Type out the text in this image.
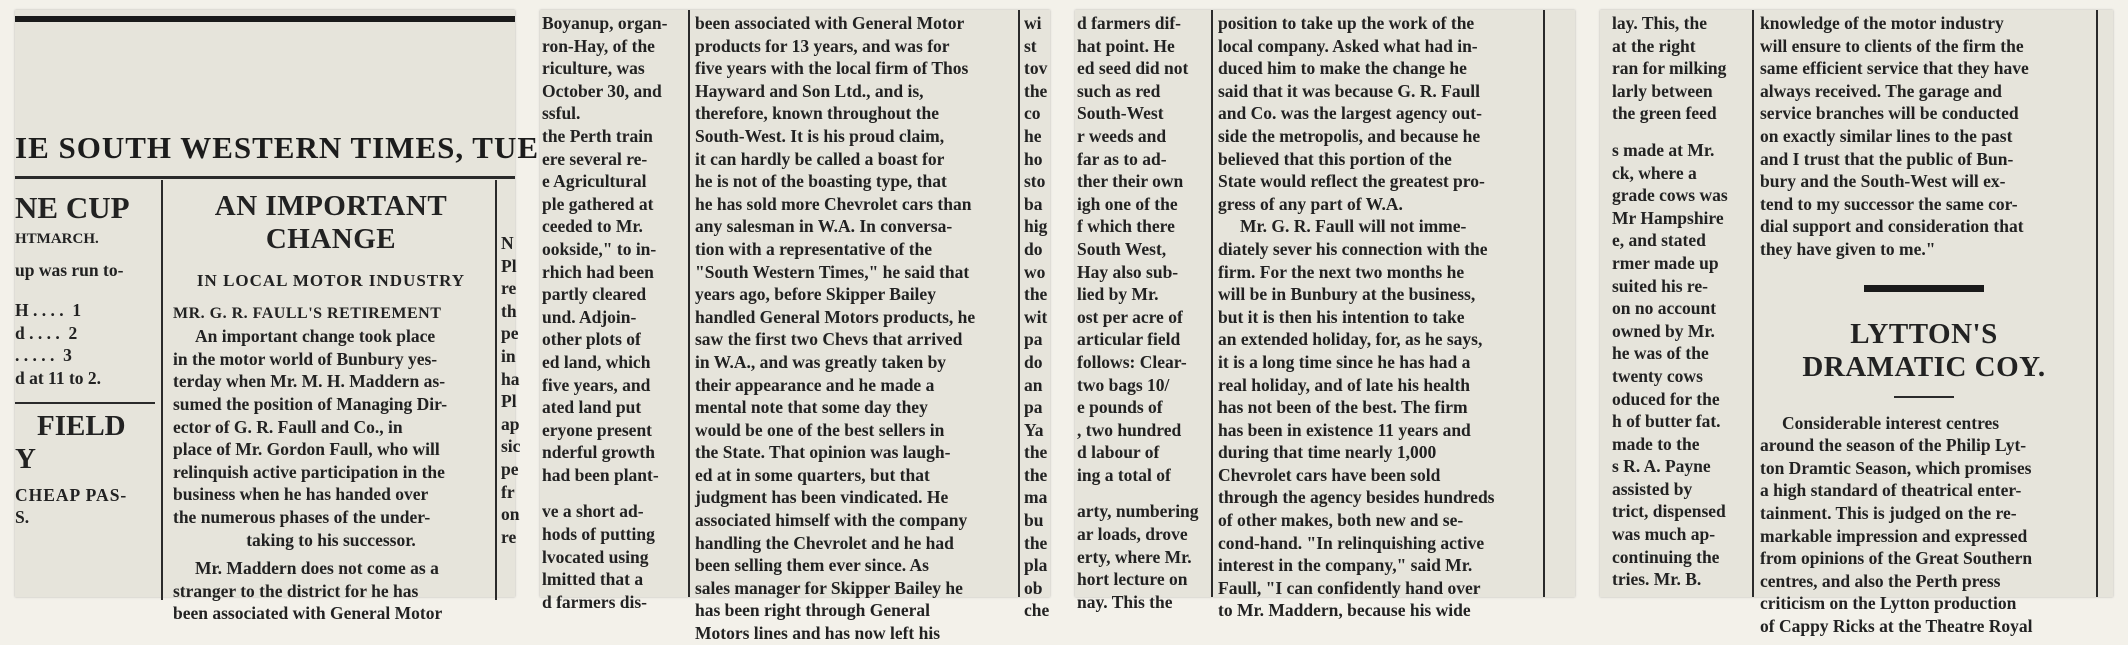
IE SOUTH WESTERN TIMES, TUE
NE CUP
HTMARCH.
up was run to-
H . . . .  1
d . . . .  2
. . . . .  3
d at 11 to 2.
FIELD
Y
CHEAP PAS-
S.
AN IMPORTANT CHANGE
IN LOCAL MOTOR INDUSTRY
MR. G. R. FAULL'S RETIREMENT
An important change took place
in the motor world of Bunbury yes-
terday when Mr. M. H. Maddern as-
sumed the position of Managing Dir-
ector of G. R. Faull and Co., in
place of Mr. Gordon Faull, who will
relinquish active participation in the
business when he has handed over
the numerous phases of the under-
taking to his successor.
Mr. Maddern does not come as a
stranger to the district for he has
been associated with General Motor
N
Pl
re
th
pe
in
ha
Pl
ap
sic
pe
fr
on
re
Boyanup, organ-
ron-Hay, of the
riculture, was
October 30, and
ssful.
the Perth train
ere several re-
e Agricultural
ple gathered at
ceeded to Mr.
ookside," to in-
rhich had been
partly cleared
und. Adjoin-
other plots of
ed land, which
five years, and
ated land put
eryone present
nderful growth
had been plant-
ve a short ad-
hods of putting
lvocated using
lmitted that a
d farmers dis-
been associated with General Motor
products for 13 years, and was for
five years with the local firm of Thos
Hayward and Son Ltd., and is,
therefore, known throughout the
South-West. It is his proud claim,
it can hardly be called a boast for
he is not of the boasting type, that
he has sold more Chevrolet cars than
any salesman in W.A. In conversa-
tion with a representative of the
"South Western Times," he said that
years ago, before Skipper Bailey
handled General Motors products, he
saw the first two Chevs that arrived
in W.A., and was greatly taken by
their appearance and he made a
mental note that some day they
would be one of the best sellers in
the State. That opinion was laugh-
ed at in some quarters, but that
judgment has been vindicated. He
associated himself with the company
handling the Chevrolet and he had
been selling them ever since. As
sales manager for Skipper Bailey he
has been right through General
Motors lines and has now left his
wi
st
tov
the
co
he
ho
sto
ba
hig
do
wo
the
wit
pa
do
an
pa
Ya
the
the
ma
bu
the
pla
ob
che
d farmers dif-
hat point. He
ed seed did not
such as red
South-West
r weeds and
far as to ad-
ther their own
igh one of the
f which there
South West,
Hay also sub-
lied by Mr.
ost per acre of
articular field
follows: Clear-
two bags 10/
e pounds of
, two hundred
d labour of
ing a total of
arty, numbering
ar loads, drove
erty, where Mr.
hort lecture on
nay. This the
position to take up the work of the
local company. Asked what had in-
duced him to make the change he
said that it was because G. R. Faull
and Co. was the largest agency out-
side the metropolis, and because he
believed that this portion of the
State would reflect the greatest pro-
gress of any part of W.A.
Mr. G. R. Faull will not imme-
diately sever his connection with the
firm. For the next two months he
will be in Bunbury at the business,
but it is then his intention to take
an extended holiday, for, as he says,
it is a long time since he has had a
real holiday, and of late his health
has not been of the best. The firm
has been in existence 11 years and
during that time nearly 1,000
Chevrolet cars have been sold
through the agency besides hundreds
of other makes, both new and se-
cond-hand. "In relinquishing active
interest in the company," said Mr.
Faull, "I can confidently hand over
to Mr. Maddern, because his wide
lay. This, the
at the right
ran for milking
larly between
the green feed
s made at Mr.
ck, where a
grade cows was
Mr Hampshire
e, and stated
rmer made up
suited his re-
on no account
owned by Mr.
he was of the
twenty cows
oduced for the
h of butter fat.
made to the
s R. A. Payne
assisted by
trict, dispensed
was much ap-
continuing the
tries. Mr. B.
knowledge of the motor industry
will ensure to clients of the firm the
same efficient service that they have
always received. The garage and
service branches will be conducted
on exactly similar lines to the past
and I trust that the public of Bun-
bury and the South-West will ex-
tend to my successor the same cor-
dial support and consideration that
they have given to me."
LYTTON'S
DRAMATIC COY.
Considerable interest centres
around the season of the Philip Lyt-
ton Dramtic Season, which promises
a high standard of theatrical enter-
tainment. This is judged on the re-
markable impression and expressed
from opinions of the Great Southern
centres, and also the Perth press
criticism on the Lytton production
of Cappy Ricks at the Theatre Royal
